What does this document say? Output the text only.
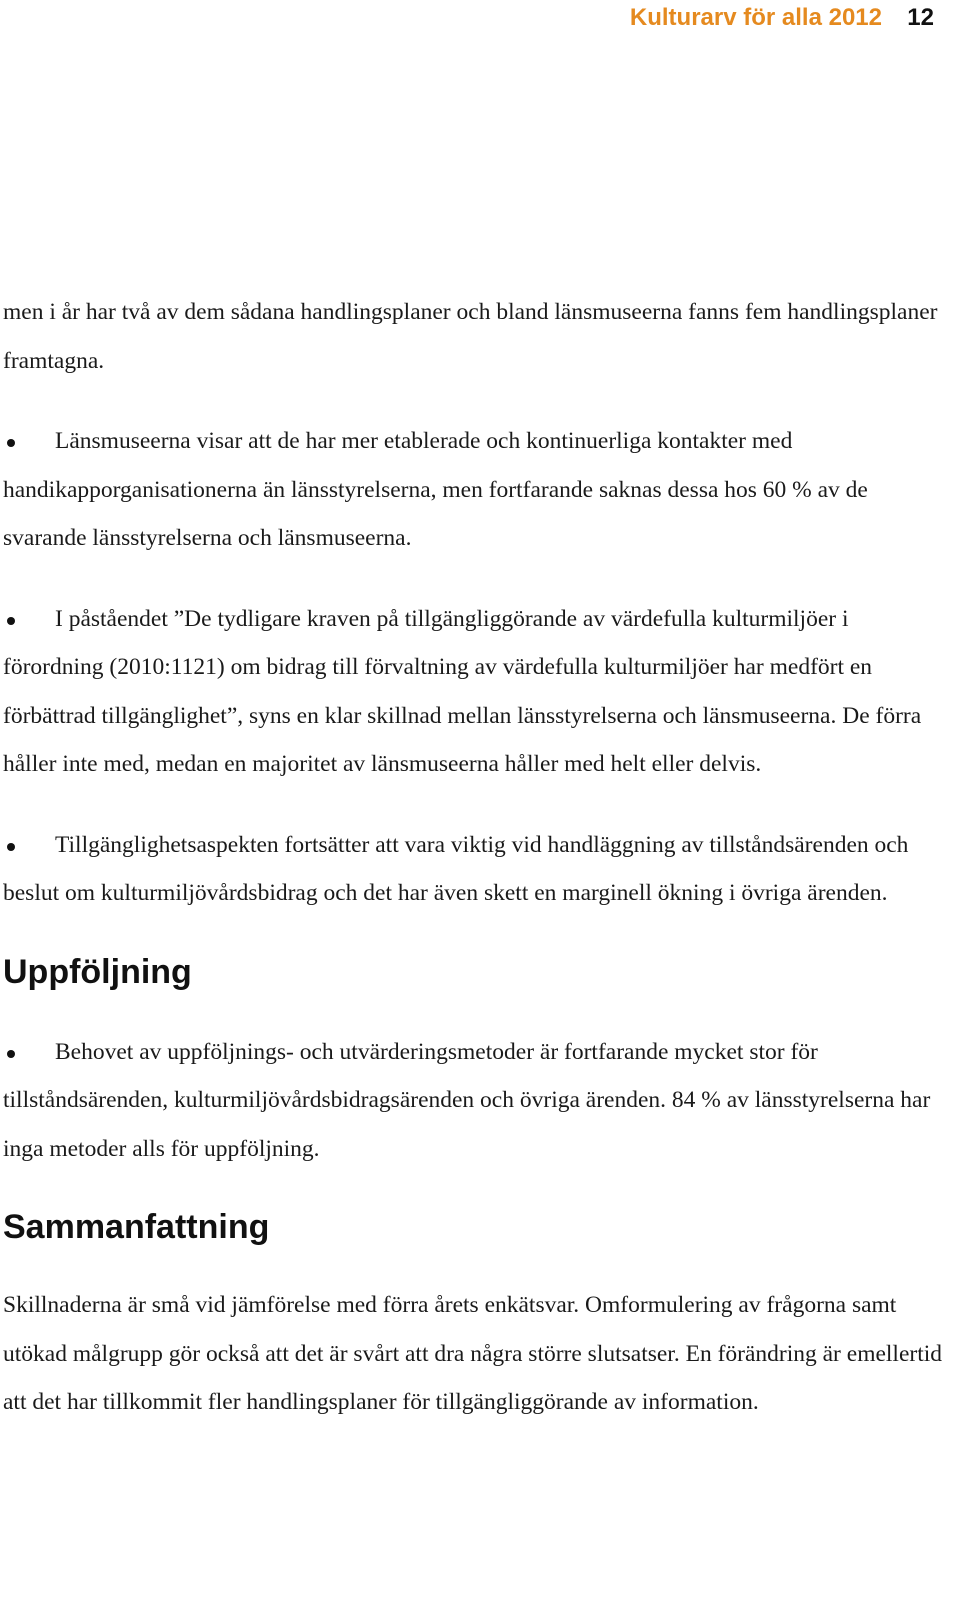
Kulturarv för alla 2012 12

men i år har två av dem sådana handlingsplaner och bland länsmuseerna fanns fem handlingsplaner framtagna.

Länsmuseerna visar att de har mer etablerade och kontinuerliga kontakter med handikapporganisationerna än länsstyrelserna, men fortfarande saknas dessa hos 60 % av de svarande länsstyrelserna och länsmuseerna.
I påståendet ”De tydligare kraven på tillgängliggörande av värdefulla kulturmiljöer i förordning (2010:1121) om bidrag till förvaltning av värdefulla kulturmiljöer har medfört en förbättrad tillgänglighet”, syns en klar skillnad mellan länsstyrelserna och länsmuseerna. De förra håller inte med, medan en majoritet av länsmuseerna håller med helt eller delvis.
Tillgänglighetsaspekten fortsätter att vara viktig vid handläggning av tillståndsärenden och beslut om kulturmiljövårdsbidrag och det har även skett en marginell ökning i övriga ärenden.
Uppföljning
Behovet av uppföljnings- och utvärderingsmetoder är fortfarande mycket stor för tillståndsärenden, kulturmiljövårdsbidragsärenden och övriga ärenden. 84 % av länsstyrelserna har inga metoder alls för uppföljning.
Sammanfattning

Skillnaderna är små vid jämförelse med förra årets enkätsvar. Omformulering av frågorna samt utökad målgrupp gör också att det är svårt att dra några större slutsatser. En förändring är emellertid att det har tillkommit fler handlingsplaner för tillgängliggörande av information.
